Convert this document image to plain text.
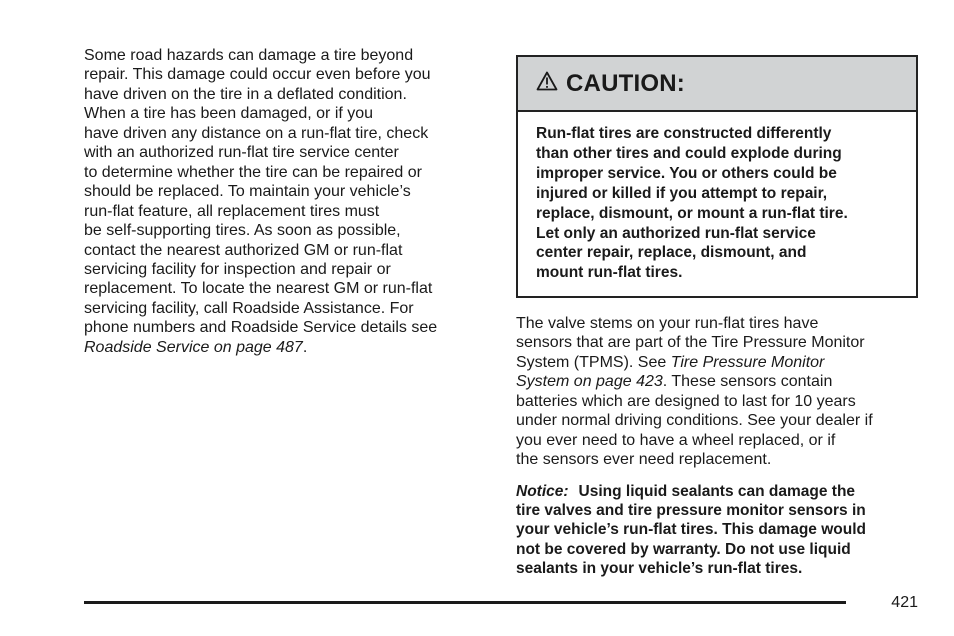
Some road hazards can damage a tire beyond
repair. This damage could occur even before you
have driven on the tire in a deflated condition.
When a tire has been damaged, or if you
have driven any distance on a run-flat tire, check
with an authorized run-flat tire service center
to determine whether the tire can be repaired or
should be replaced. To maintain your vehicle’s
run-flat feature, all replacement tires must
be self-supporting tires. As soon as possible,
contact the nearest authorized GM or run-flat
servicing facility for inspection and repair or
replacement. To locate the nearest GM or run-flat
servicing facility, call Roadside Assistance. For
phone numbers and Roadside Service details see
Roadside Service on page 487.

CAUTION:
Run-flat tires are constructed differently
than other tires and could explode during
improper service. You or others could be
injured or killed if you attempt to repair,
replace, dismount, or mount a run-flat tire.
Let only an authorized run-flat service
center repair, replace, dismount, and
mount run-flat tires.

The valve stems on your run-flat tires have
sensors that are part of the Tire Pressure Monitor
System (TPMS). See Tire Pressure Monitor
System on page 423. These sensors contain
batteries which are designed to last for 10 years
under normal driving conditions. See your dealer if
you ever need to have a wheel replaced, or if
the sensors ever need replacement.

Notice: Using liquid sealants can damage the
tire valves and tire pressure monitor sensors in
your vehicle’s run-flat tires. This damage would
not be covered by warranty. Do not use liquid
sealants in your vehicle’s run-flat tires.

421
